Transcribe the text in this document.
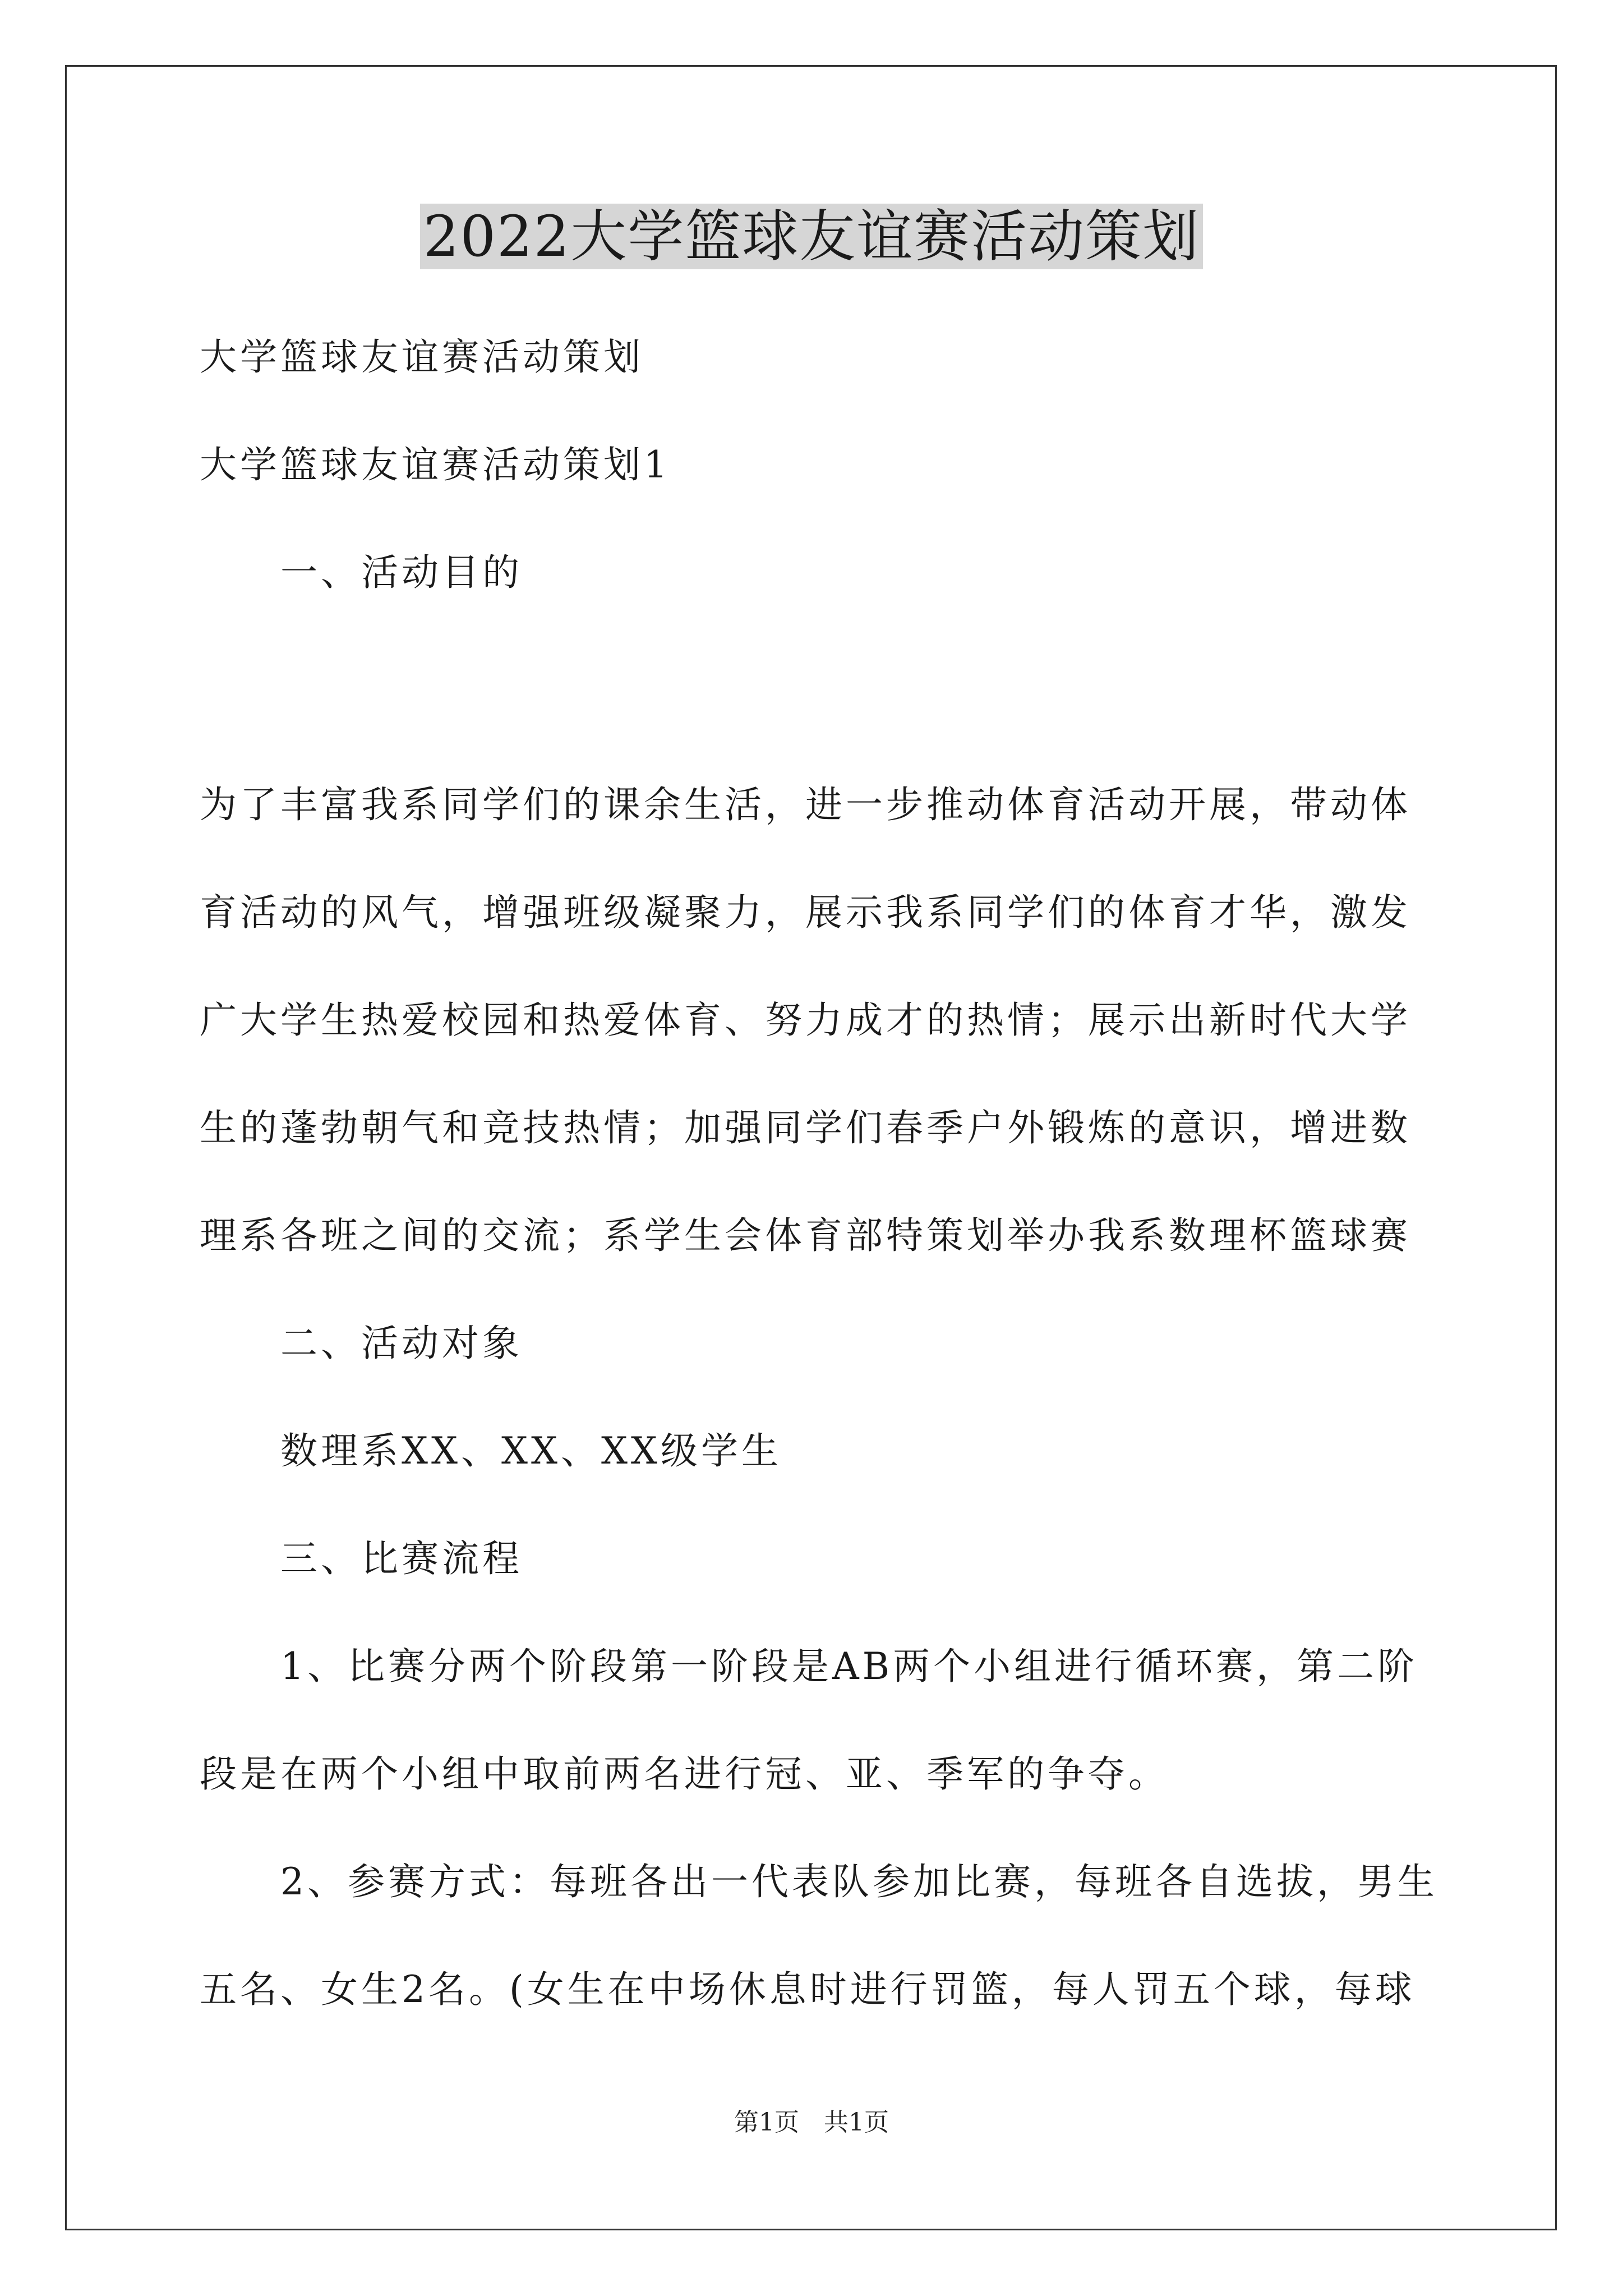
2022大学篮球友谊赛活动策划
大学篮球友谊赛活动策划
大学篮球友谊赛活动策划1
一、活动目的
为了丰富我系同学们的课余生活，进一步推动体育活动开展，带动体
育活动的风气，增强班级凝聚力，展示我系同学们的体育才华，激发
广大学生热爱校园和热爱体育、努力成才的热情；展示出新时代大学
生的蓬勃朝气和竞技热情；加强同学们春季户外锻炼的意识，增进数
理系各班之间的交流；系学生会体育部特策划举办我系数理杯篮球赛
二、活动对象
数理系XX、XX、XX级学生
三、比赛流程
1、比赛分两个阶段第一阶段是AB两个小组进行循环赛，第二阶
段是在两个小组中取前两名进行冠、亚、季军的争夺。
2、参赛方式：每班各出一代表队参加比赛，每班各自选拔，男生
五名、女生2名。(女生在中场休息时进行罚篮，每人罚五个球，每球
第1页　共1页
